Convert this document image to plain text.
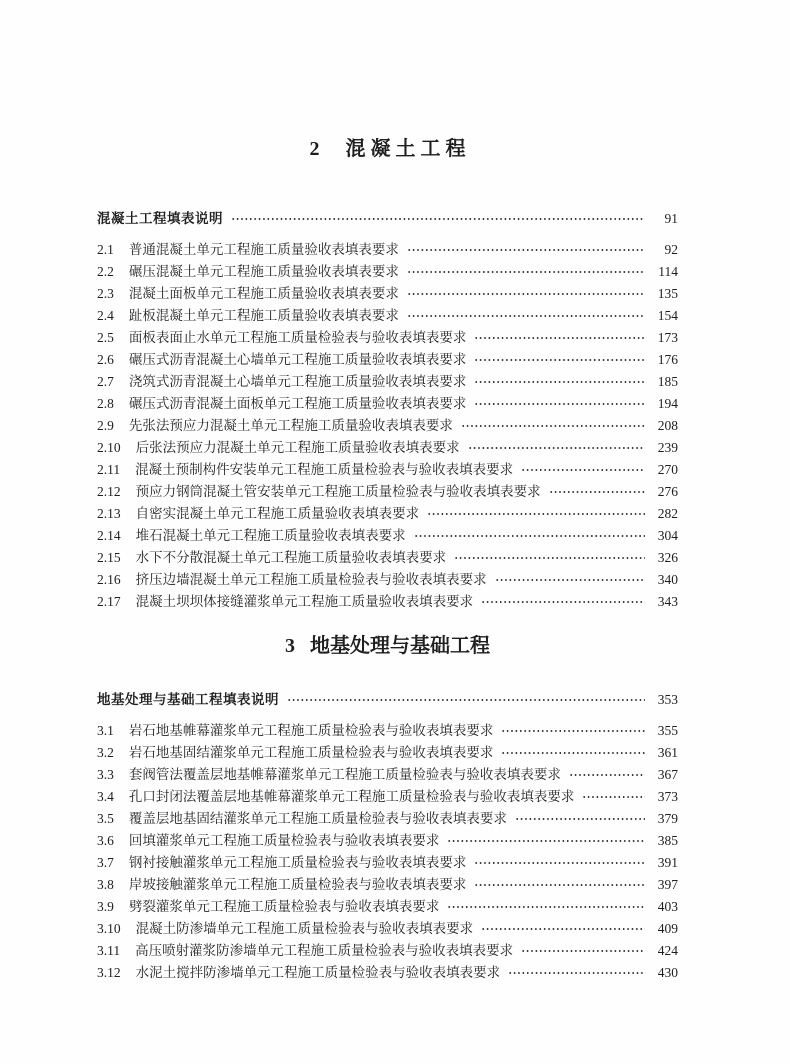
2 混 凝 土 工 程
混凝土工程填表说明	91
2.1 普通混凝土单元工程施工质量验收表填表要求	92
2.2 碾压混凝土单元工程施工质量验收表填表要求	114
2.3 混凝土面板单元工程施工质量验收表填表要求	135
2.4 趾板混凝土单元工程施工质量验收表填表要求	154
2.5 面板表面止水单元工程施工质量检验表与验收表填表要求	173
2.6 碾压式沥青混凝土心墙单元工程施工质量验收表填表要求	176
2.7 浇筑式沥青混凝土心墙单元工程施工质量验收表填表要求	185
2.8 碾压式沥青混凝土面板单元工程施工质量验收表填表要求	194
2.9 先张法预应力混凝土单元工程施工质量验收表填表要求	208
2.10 后张法预应力混凝土单元工程施工质量验收表填表要求	239
2.11 混凝土预制构件安装单元工程施工质量检验表与验收表填表要求	270
2.12 预应力钢筒混凝土管安装单元工程施工质量检验表与验收表填表要求	276
2.13 自密实混凝土单元工程施工质量验收表填表要求	282
2.14 堆石混凝土单元工程施工质量验收表填表要求	304
2.15 水下不分散混凝土单元工程施工质量验收表填表要求	326
2.16 挤压边墙混凝土单元工程施工质量检验表与验收表填表要求	340
2.17 混凝土坝坝体接缝灌浆单元工程施工质量验收表填表要求	343
3 地基处理与基础工程
地基处理与基础工程填表说明	353
3.1 岩石地基帷幕灌浆单元工程施工质量检验表与验收表填表要求	355
3.2 岩石地基固结灌浆单元工程施工质量检验表与验收表填表要求	361
3.3 套阀管法覆盖层地基帷幕灌浆单元工程施工质量检验表与验收表填表要求	367
3.4 孔口封闭法覆盖层地基帷幕灌浆单元工程施工质量检验表与验收表填表要求	373
3.5 覆盖层地基固结灌浆单元工程施工质量检验表与验收表填表要求	379
3.6 回填灌浆单元工程施工质量检验表与验收表填表要求	385
3.7 钢衬接触灌浆单元工程施工质量检验表与验收表填表要求	391
3.8 岸坡接触灌浆单元工程施工质量检验表与验收表填表要求	397
3.9 劈裂灌浆单元工程施工质量检验表与验收表填表要求	403
3.10 混凝土防渗墙单元工程施工质量检验表与验收表填表要求	409
3.11 高压喷射灌浆防渗墙单元工程施工质量检验表与验收表填表要求	424
3.12 水泥土搅拌防渗墙单元工程施工质量检验表与验收表填表要求	430
